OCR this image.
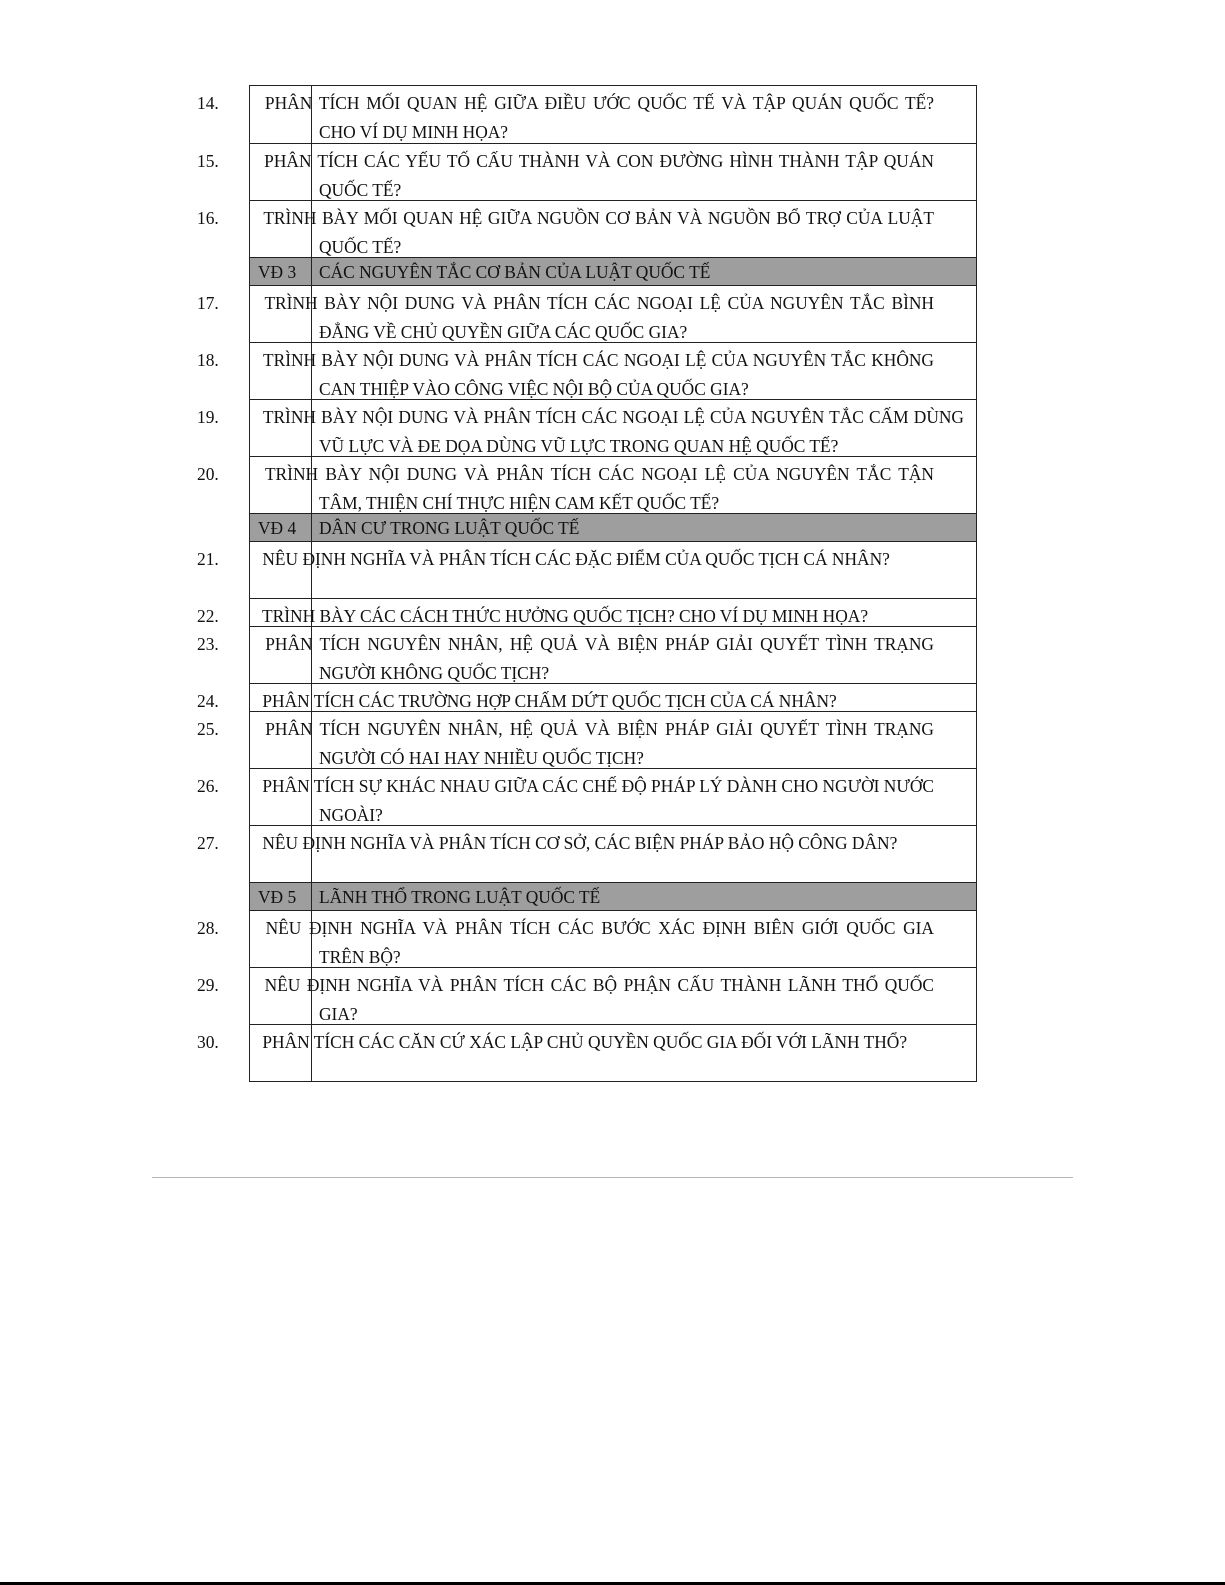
14.	PHÂN TÍCH MỐI QUAN HỆ GIỮA ĐIỀU ƯỚC QUỐC TẾ VÀ TẬP QUÁN QUỐC TẾ? CHO VÍ DỤ MINH HỌA?
15.	PHÂN TÍCH CÁC YẾU TỐ CẤU THÀNH VÀ CON ĐƯỜNG HÌNH THÀNH TẬP QUÁN QUỐC TẾ?
16.	TRÌNH BÀY MỐI QUAN HỆ GIỮA NGUỒN CƠ BẢN VÀ NGUỒN BỔ TRỢ CỦA LUẬT QUỐC TẾ?
VĐ 3 CÁC NGUYÊN TẮC CƠ BẢN CỦA LUẬT QUỐC TẾ
17.	TRÌNH BÀY NỘI DUNG VÀ PHÂN TÍCH CÁC NGOẠI LỆ CỦA NGUYÊN TẮC BÌNH ĐẲNG VỀ CHỦ QUYỀN GIỮA CÁC QUỐC GIA?
18.	TRÌNH BÀY NỘI DUNG VÀ PHÂN TÍCH CÁC NGOẠI LỆ CỦA NGUYÊN TẮC KHÔNG CAN THIỆP VÀO CÔNG VIỆC NỘI BỘ CỦA QUỐC GIA?
19.	TRÌNH BÀY NỘI DUNG VÀ PHÂN TÍCH CÁC NGOẠI LỆ CỦA NGUYÊN TẮC CẤM DÙNG VŨ LỰC VÀ ĐE DỌA DÙNG VŨ LỰC TRONG QUAN HỆ QUỐC TẾ?
20.	TRÌNH BÀY NỘI DUNG VÀ PHÂN TÍCH CÁC NGOẠI LỆ CỦA NGUYÊN TẮC TẬN TÂM, THIỆN CHÍ THỰC HIỆN CAM KẾT QUỐC TẾ?
VĐ 4 DÂN CƯ TRONG LUẬT QUỐC TẾ
21.	NÊU ĐỊNH NGHĨA VÀ PHÂN TÍCH CÁC ĐẶC ĐIỂM CỦA QUỐC TỊCH CÁ NHÂN?
22. TRÌNH BÀY CÁC CÁCH THỨC HƯỞNG QUỐC TỊCH? CHO VÍ DỤ MINH HỌA?
23.	PHÂN TÍCH NGUYÊN NHÂN, HỆ QUẢ VÀ BIỆN PHÁP GIẢI QUYẾT TÌNH TRẠNG NGƯỜI KHÔNG QUỐC TỊCH?
24.	PHÂN TÍCH CÁC TRƯỜNG HỢP CHẤM DỨT QUỐC TỊCH CỦA CÁ NHÂN?
25.	PHÂN TÍCH NGUYÊN NHÂN, HỆ QUẢ VÀ BIỆN PHÁP GIẢI QUYẾT TÌNH TRẠNG NGƯỜI CÓ HAI HAY NHIỀU QUỐC TỊCH?
26.	PHÂN TÍCH SỰ KHÁC NHAU GIỮA CÁC CHẾ ĐỘ PHÁP LÝ DÀNH CHO NGƯỜI NƯỚC NGOÀI?
27.	NÊU ĐỊNH NGHĨA VÀ PHÂN TÍCH CƠ SỞ, CÁC BIỆN PHÁP BẢO HỘ CÔNG DÂN?
VĐ 5 LÃNH THỔ TRONG LUẬT QUỐC TẾ
28.	NÊU ĐỊNH NGHĨA VÀ PHÂN TÍCH CÁC BƯỚC XÁC ĐỊNH BIÊN GIỚI QUỐC GIA TRÊN BỘ?
29.	NÊU ĐỊNH NGHĨA VÀ PHÂN TÍCH CÁC BỘ PHẬN CẤU THÀNH LÃNH THỔ QUỐC GIA?
30.	PHÂN TÍCH CÁC CĂN CỨ XÁC LẬP CHỦ QUYỀN QUỐC GIA ĐỐI VỚI LÃNH THỔ?
